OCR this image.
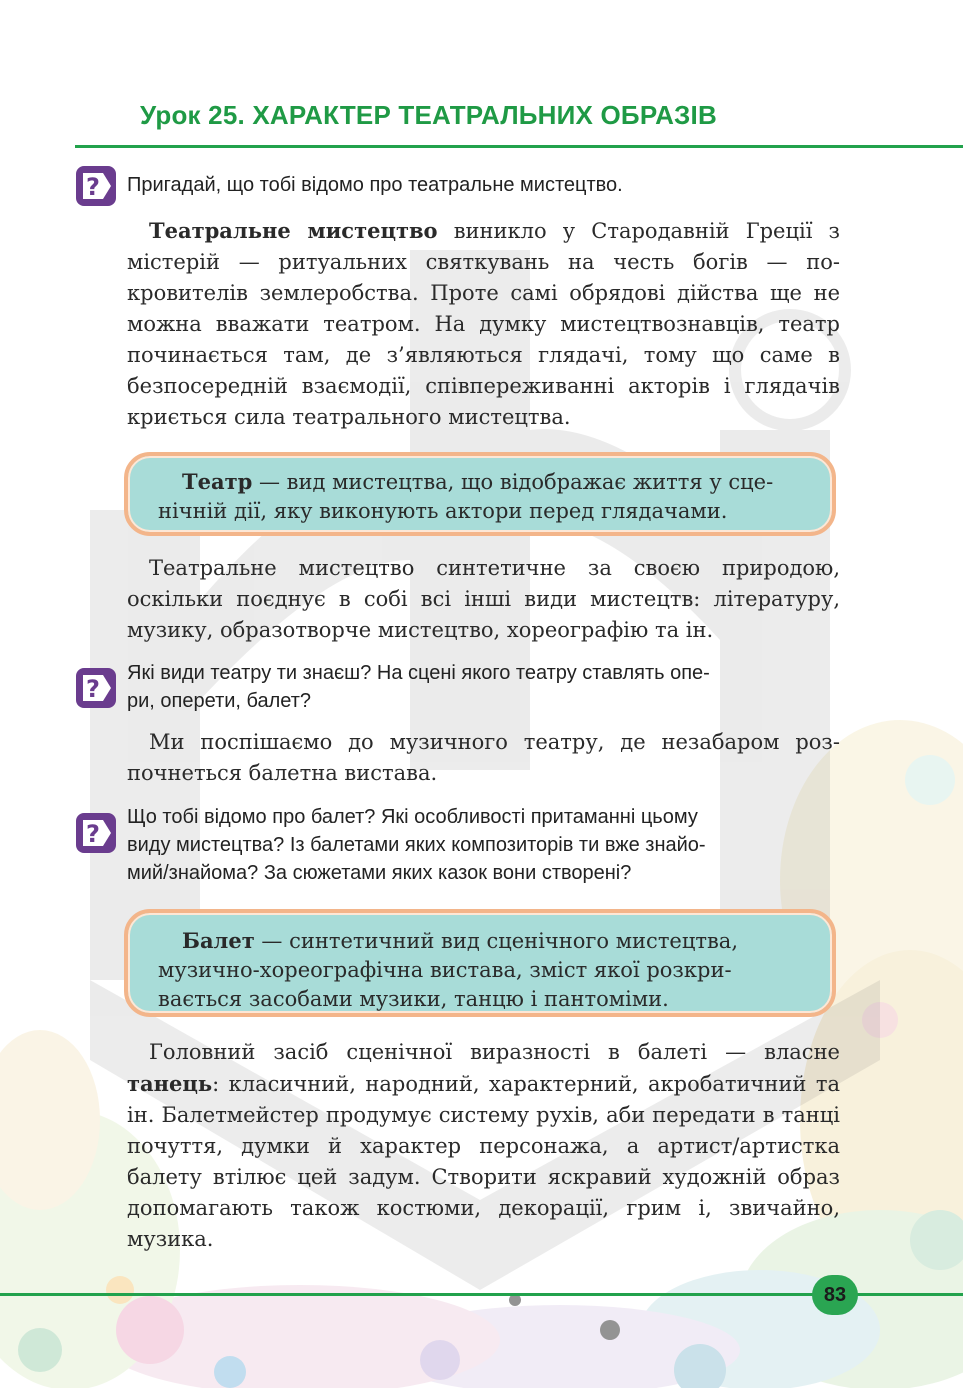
Урок 25. ХАРАКТЕР ТЕАТРАЛЬНИХ ОБРАЗІВ
? Пригадай, що тобі відомо про театральне мистецтво.
Театральне мистецтво виникло у Стародавній Греції з містерій — ритуальних святкувань на честь богів — покровителів землеробства. Проте самі обрядові дійства ще не можна вважати театром. На думку мистецтвознавців, театр починається там, де з’являються глядачі, тому що саме в безпосередній взаємодії, співпереживанні акторів і глядачів криється сила театрального мистецтва.
Театр — вид мистецтва, що відображає життя у сценічній дії, яку виконують актори перед глядачами.
Театральне мистецтво синтетичне за своєю природою, оскільки поєднує в собі всі інші види мистецтв: літературу, музику, образотворче мистецтво, хореографію та ін.
?
Які види театру ти знаєш? На сцені якого театру ставлять опе-
ри, оперети, балет?
Ми поспішаємо до музичного театру, де незабаром розпочнеться балетна вистава.
?
Що тобі відомо про балет? Які особливості притаманні цьому
виду мистецтва? Із балетами яких композиторів ти вже знайо-
мий/знайома? За сюжетами яких казок вони створені?
Балет — синтетичний вид сценічного мистецтва, музично-хореографічна вистава, зміст якої розкривається засобами музики, танцю і пантоміми.
Головний засіб сценічної виразності в балеті — власне танець: класичний, народний, характерний, акробатичний та ін. Балетмейстер продумує систему рухів, аби передати в танці почуття, думки й характер персонажа, а артист/артистка балету втілює цей задум. Створити яскравий художній образ допомагають також костюми, декорації, грим і, звичайно, музика.
83
